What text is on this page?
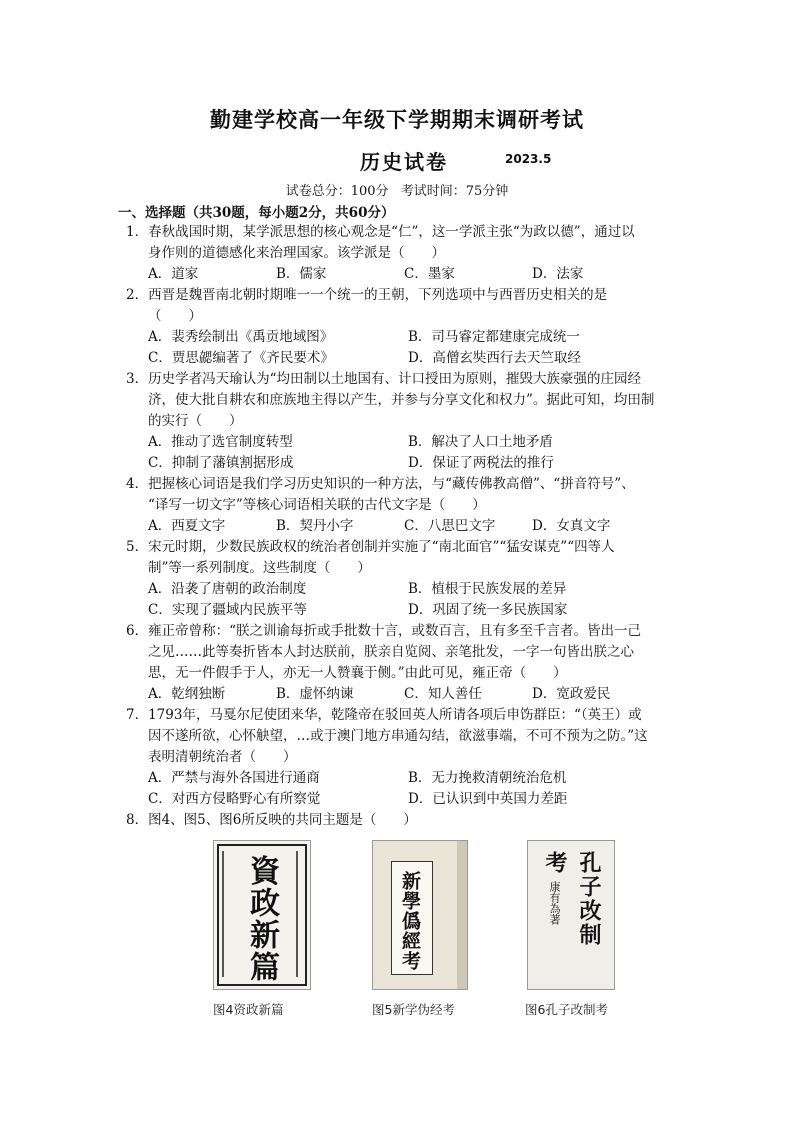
勤建学校高一年级下学期期末调研考试
历史试卷	2023.5
试卷总分：100分 考试时间：75分钟
一、选择题（共30题，每小题2分，共60分）
1．春秋战国时期，某学派思想的核心观念是“仁”，这一学派主张“为政以德”，通过以
身作则的道德感化来治理国家。该学派是（　　）
A．道家	B．儒家	C．墨家	D．法家
2．西晋是魏晋南北朝时期唯一一个统一的王朝，下列选项中与西晋历史相关的是
（　　）
A．裴秀绘制出《禹贡地域图》	B．司马睿定都建康完成统一
C．贾思勰编著了《齐民要术》	D．高僧玄奘西行去天竺取经
3．历史学者冯天瑜认为“均田制以土地国有、计口授田为原则，摧毁大族豪强的庄园经
济，使大批自耕农和庶族地主得以产生，并参与分享文化和权力”。据此可知，均田制
的实行（　　）
A．推动了选官制度转型	B．解决了人口土地矛盾
C．抑制了藩镇割据形成	D．保证了两税法的推行
4．把握核心词语是我们学习历史知识的一种方法，与“藏传佛教高僧”、“拼音符号”、
“译写一切文字”等核心词语相关联的古代文字是（　　）
A．西夏文字	B．契丹小字	C．八思巴文字	D．女真文字
5．宋元时期，少数民族政权的统治者创制并实施了“南北面官”“猛安谋克”“四等人
制”等一系列制度。这些制度（　　）
A．沿袭了唐朝的政治制度	B．植根于民族发展的差异
C．实现了疆域内民族平等	D．巩固了统一多民族国家
6．雍正帝曾称：“朕之训谕每折或手批数十言，或数百言，且有多至千言者。皆出一己
之见……此等奏折皆本人封达朕前，朕亲自览阅、亲笔批发，一字一句皆出朕之心
思，无一件假手于人，亦无一人赞襄于侧。”由此可见，雍正帝（　　）
A．乾纲独断	B．虚怀纳谏	C．知人善任	D．宽政爱民
7．1793年，马戛尔尼使团来华，乾隆帝在驳回英人所请各项后申饬群臣：“（英王）或
因不遂所欲，心怀觖望，…或于澳门地方串通勾结，欲滋事端，不可不预为之防。”这
表明清朝统治者（　　）
A．严禁与海外各国进行通商	B．无力挽救清朝统治危机
C．对西方侵略野心有所察觉	D．已认识到中英国力差距
8．图4、图5、图6所反映的共同主题是（　　）
資政新篇
图4资政新篇
新學僞經考
图5新学伪经考
孔子改制
考
康有為著
图6孔子改制考
